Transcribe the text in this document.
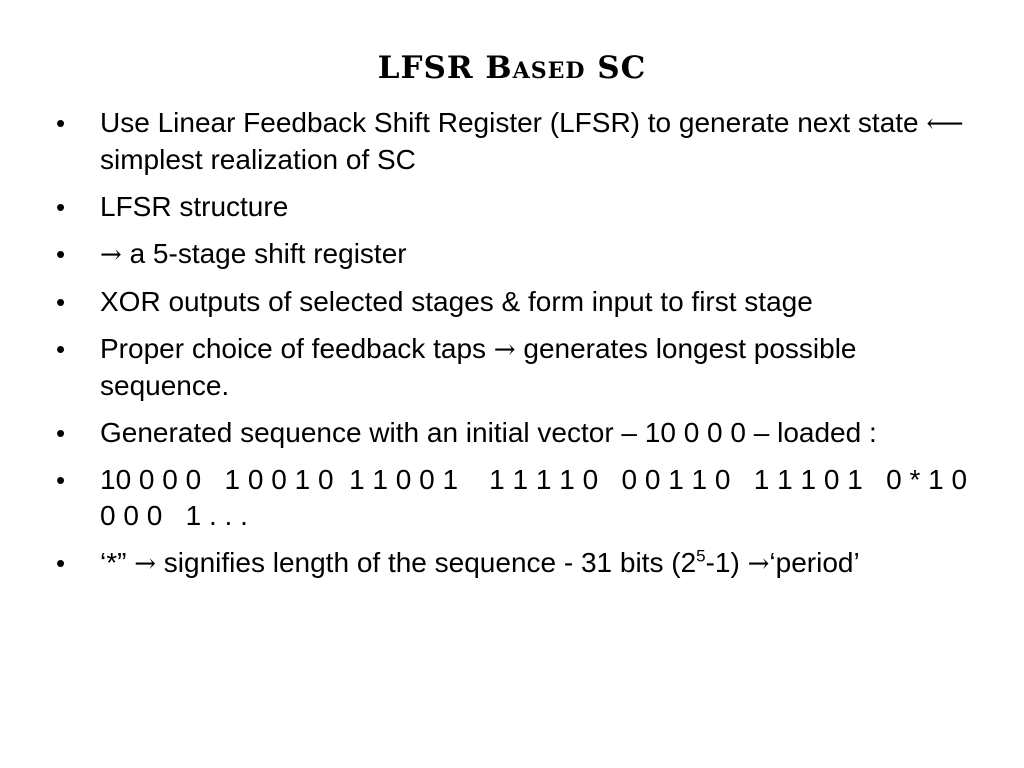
LFSR Based SC
•	Use Linear Feedback Shift Register (LFSR) to generate next state ⟵ simplest realization of SC
•	LFSR structure
•	→ a 5-stage shift register
•	XOR outputs of selected stages & form input to first stage
•	Proper choice of feedback taps → generates longest possible sequence.
•	Generated sequence with an initial vector – 10 0 0 0 – loaded :
•	10 0 0 0   1 0 0 1 0  1 1 0 0 1    1 1 1 1 0   0 0 1 1 0   1 1 1 0 1   0 * 1 0 0 0 0   1 . . .
•	‘*” → signifies length of the sequence - 31 bits $(2^5-1)$ →‘period’
